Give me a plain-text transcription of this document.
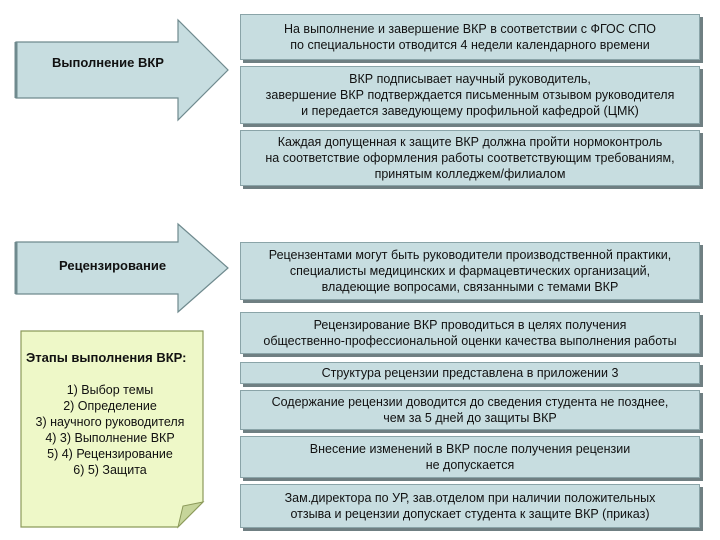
Выполнение ВКР
Рецензирование
Этапы выполнения ВКР:
1) Выбор темы
2) Определение
3) научного руководителя
4) 3) Выполнение ВКР
5) 4) Рецензирование
6) 5) Защита
На выполнение и завершение ВКР в соответствии с ФГОС СПО
по специальности отводится 4 недели календарного времени
ВКР подписывает научный руководитель,
завершение ВКР подтверждается письменным отзывом руководителя
и передается заведующему профильной кафедрой (ЦМК)
Каждая допущенная к защите ВКР должна пройти нормоконтроль
на соответствие оформления работы соответствующим требованиям,
принятым колледжем/филиалом
Рецензентами могут быть руководители производственной практики,
специалисты медицинских и фармацевтических организаций,
владеющие вопросами, связанными с темами ВКР
Рецензирование ВКР проводиться в целях получения
общественно-профессиональной оценки качества выполнения работы
Структура рецензии представлена в приложении 3
Содержание рецензии доводится до сведения студента не позднее,
чем за 5 дней до защиты ВКР
Внесение изменений в ВКР после получения рецензии
не допускается
Зам.директора по УР, зав.отделом при наличии положительных
отзыва и рецензии допускает студента к защите ВКР (приказ)
